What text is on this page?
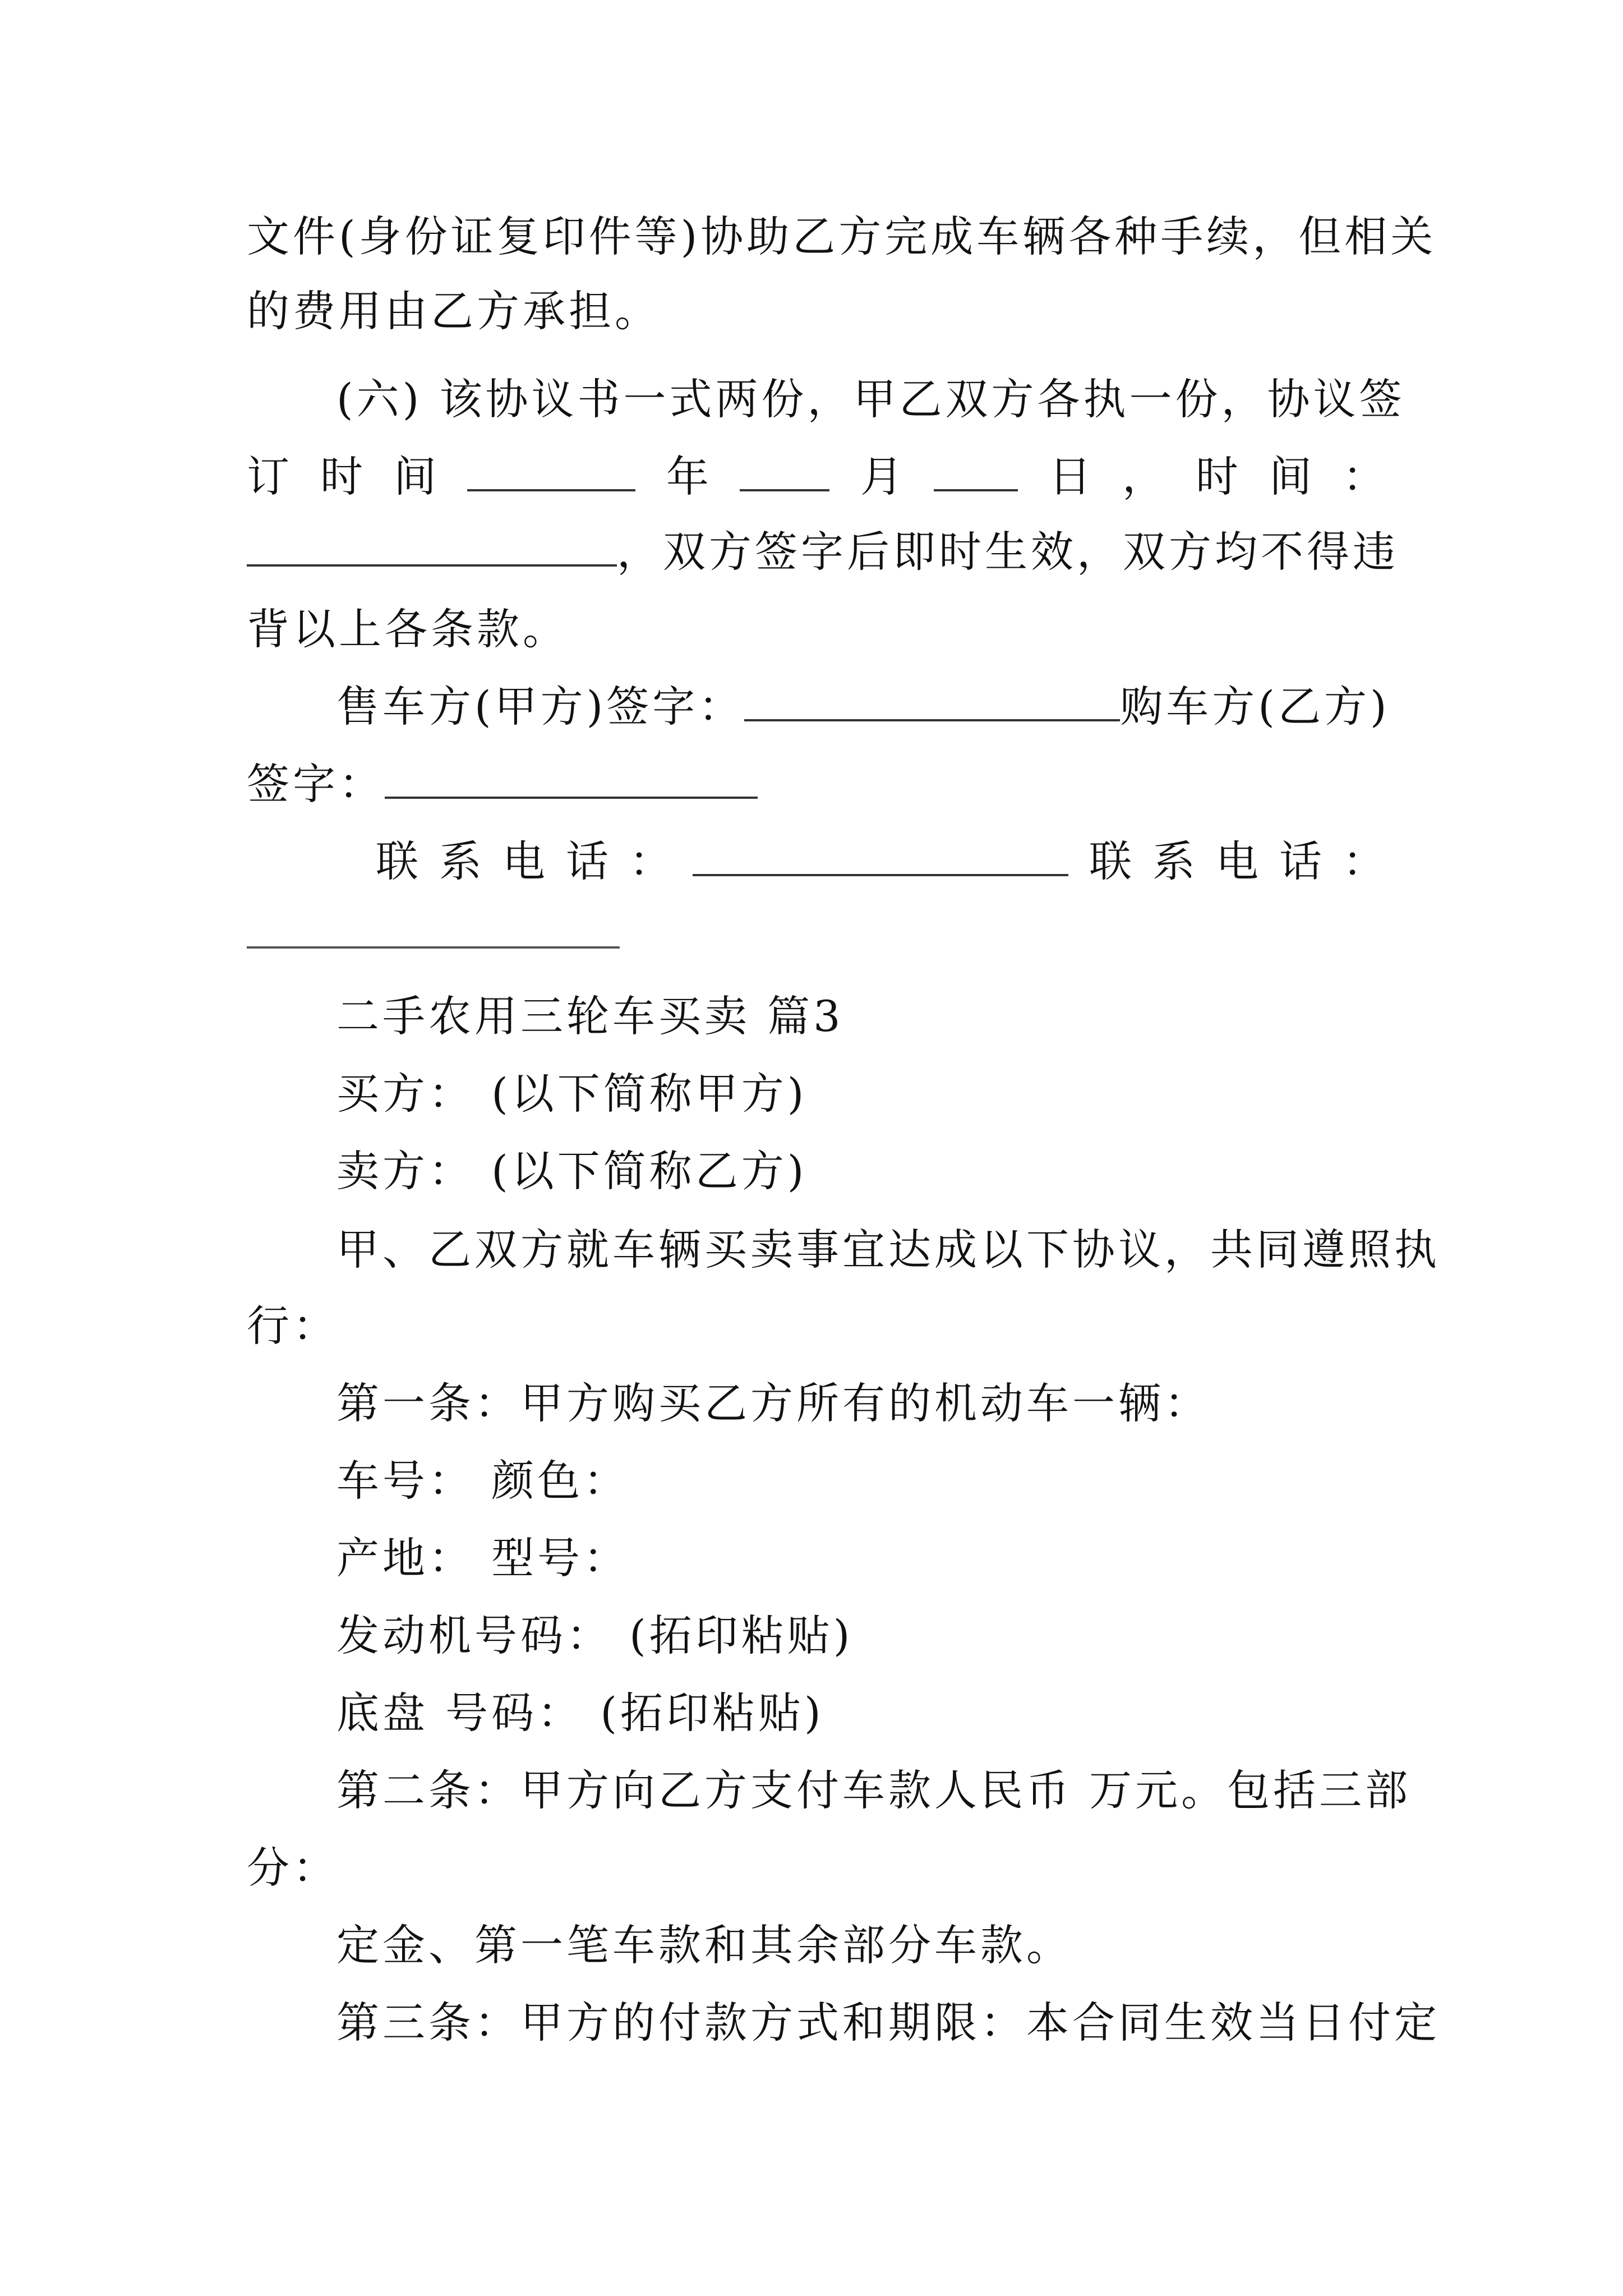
文件(身份证复印件等)协助乙方完成车辆各种手续，但相关
的费用由乙方承担。
(六) 该协议书一式两份，甲乙双方各执一份，协议签
订 时 间	年	月	日 ， 时 间 ：
，双方签字后即时生效，双方均不得违
背以上各条款。
售车方(甲方)签字：	购车方(乙方)
签字：
联 系 电 话 ：	联 系 电 话 ：
二手农用三轮车买卖 篇3
买方： (以下简称甲方)
卖方： (以下简称乙方)
甲、乙双方就车辆买卖事宜达成以下协议，共同遵照执
行：
第一条：甲方购买乙方所有的机动车一辆：
车号： 颜色：
产地： 型号：
发动机号码： (拓印粘贴)
底盘 号码： (拓印粘贴)
第二条：甲方向乙方支付车款人民币 万元。包括三部
分：
定金、第一笔车款和其余部分车款。
第三条：甲方的付款方式和期限：本合同生效当日付定
